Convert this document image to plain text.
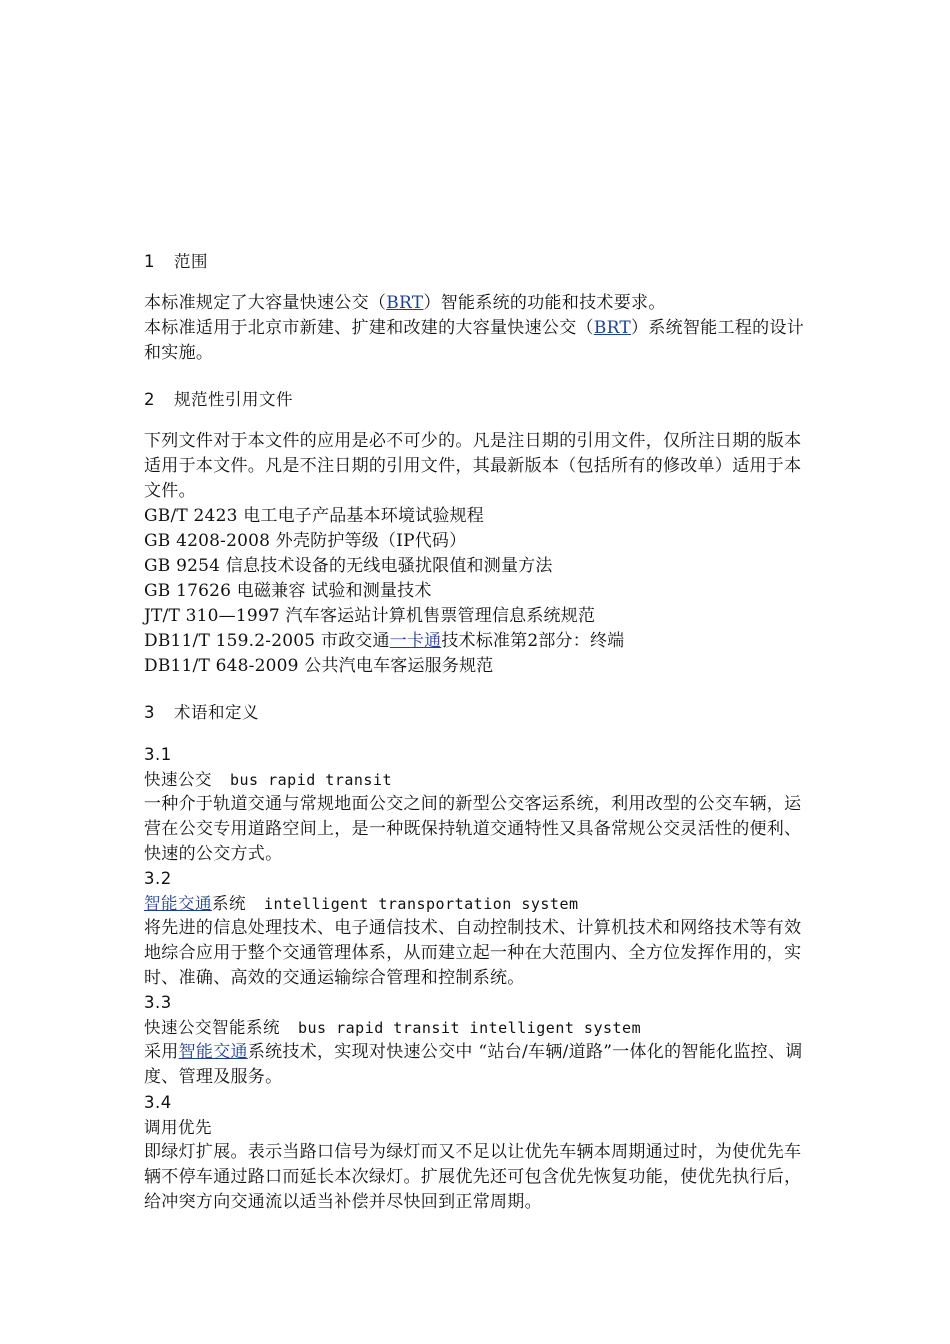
1 范围
本标准规定了大容量快速公交（BRT）智能系统的功能和技术要求。
本标准适用于北京市新建、扩建和改建的大容量快速公交（BRT）系统智能工程的设计和实施。
2 规范性引用文件
下列文件对于本文件的应用是必不可少的。凡是注日期的引用文件，仅所注日期的版本适用于本文件。凡是不注日期的引用文件，其最新版本（包括所有的修改单）适用于本文件。
GB/T 2423 电工电子产品基本环境试验规程
GB 4208-2008 外壳防护等级（IP代码）
GB 9254 信息技术设备的无线电骚扰限值和测量方法
GB 17626 电磁兼容 试验和测量技术
JT/T 310—1997 汽车客运站计算机售票管理信息系统规范
DB11/T 159.2-2005 市政交通一卡通技术标准第2部分：终端
DB11/T 648-2009 公共汽电车客运服务规范
3 术语和定义
3.1
快速公交 bus rapid transit
一种介于轨道交通与常规地面公交之间的新型公交客运系统，利用改型的公交车辆，运营在公交专用道路空间上，是一种既保持轨道交通特性又具备常规公交灵活性的便利、快速的公交方式。
3.2
智能交通系统 intelligent transportation system
将先进的信息处理技术、电子通信技术、自动控制技术、计算机技术和网络技术等有效地综合应用于整个交通管理体系，从而建立起一种在大范围内、全方位发挥作用的，实时、准确、高效的交通运输综合管理和控制系统。
3.3
快速公交智能系统 bus rapid transit intelligent system
采用智能交通系统技术，实现对快速公交中 “站台/车辆/道路”一体化的智能化监控、调度、管理及服务。
3.4
调用优先
即绿灯扩展。表示当路口信号为绿灯而又不足以让优先车辆本周期通过时，为使优先车辆不停车通过路口而延长本次绿灯。扩展优先还可包含优先恢复功能，使优先执行后，给冲突方向交通流以适当补偿并尽快回到正常周期。
